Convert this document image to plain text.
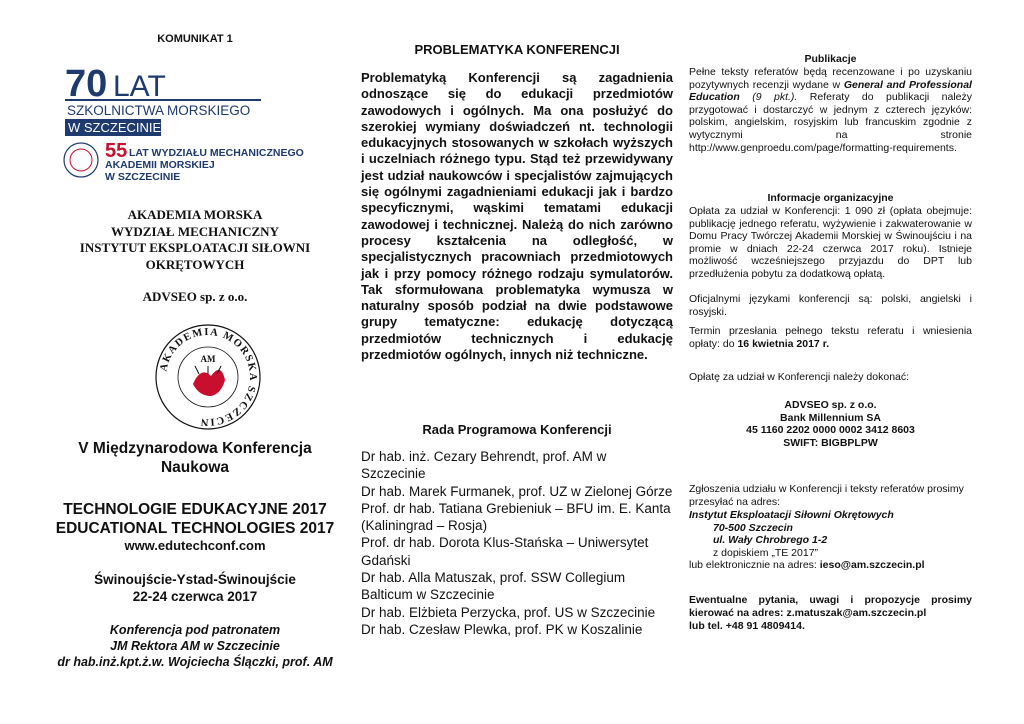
KOMUNIKAT 1
70 LAT
SZKOLNICTWA MORSKIEGO
W SZCZECINIE
55 LAT WYDZIAŁU MECHANICZNEGO
AKADEMII MORSKIEJ
W SZCZECINIE
AKADEMIA MORSKA
WYDZIAŁ MECHANICZNY
INSTYTUT EKSPLOATACJI SIŁOWNI
OKRĘTOWYCH
ADVSEO sp. z o.o.
AKADEMIA MORSKA SZCZECIN
AM
V Międzynarodowa Konferencja
Naukowa
TECHNOLOGIE EDUKACYJNE 2017
EDUCATIONAL TECHNOLOGIES 2017
www.edutechconf.com
Świnoujście-Ystad-Świnoujście
22-24 czerwca 2017
Konferencja pod patronatem
JM Rektora AM w Szczecinie
dr hab.inż.kpt.ż.w. Wojciecha Ślączki, prof. AM
PROBLEMATYKA KONFERENCJI
Problematyką Konferencji są zagadnienia odnoszące się do edukacji przedmiotów zawodowych i ogólnych. Ma ona posłużyć do szerokiej wymiany doświadczeń nt. technologii edukacyjnych stosowanych w szkołach wyższych i uczelniach różnego typu. Stąd też przewidywany jest udział naukowców i specjalistów zajmujących się ogólnymi zagadnieniami edukacji jak i bardzo specyficznymi, wąskimi tematami edukacji zawodowej i technicznej. Należą do nich zarówno procesy kształcenia na odległość, w specjalistycznych pracowniach przedmiotowych jak i przy pomocy różnego rodzaju symulatorów. Tak sformułowana problematyka wymusza w naturalny sposób podział na dwie podstawowe grupy tematyczne: edukację dotyczącą przedmiotów technicznych i edukację przedmiotów ogólnych, innych niż techniczne.
Rada Programowa Konferencji
Dr hab. inż. Cezary Behrendt, prof. AM w Szczecinie
Dr hab. Marek Furmanek, prof. UZ w Zielonej Górze
Prof. dr hab. Tatiana Grebieniuk – BFU im. E. Kanta (Kaliningrad – Rosja)
Prof. dr hab. Dorota Klus-Stańska – Uniwersytet Gdański
Dr hab. Alla Matuszak, prof. SSW Collegium Balticum w Szczecinie
Dr hab. Elżbieta Perzycka, prof. US w Szczecinie
Dr hab. Czesław Plewka, prof. PK w Koszalinie
Publikacje
Pełne teksty referatów będą recenzowane i po uzyskaniu pozytywnych recenzji wydane w General and Professional Education (9 pkt.). Referaty do publikacji należy przygotować i dostarczyć w jednym z czterech języków: polskim, angielskim, rosyjskim lub francuskim zgodnie z wytycznymi na stronie http://www.genproedu.com/page/formatting-requirements.
Informacje organizacyjne
Opłata za udział w Konferencji: 1 090 zł (opłata obejmuje: publikację jednego referatu, wyżywienie i zakwaterowanie w Domu Pracy Twórczej Akademii Morskiej w Świnoujściu i na promie w dniach 22-24 czerwca 2017 roku). Istnieje możliwość wcześniejszego przyjazdu do DPT lub przedłużenia pobytu za dodatkową opłatą.
Oficjalnymi językami konferencji są: polski, angielski i rosyjski.
Termin przesłania pełnego tekstu referatu i wniesienia opłaty: do 16 kwietnia 2017 r.
Opłatę za udział w Konferencji należy dokonać:
ADVSEO sp. z o.o.
Bank Millennium SA
45 1160 2202 0000 0002 3412 8603
SWIFT: BIGBPLPW
Zgłoszenia udziału w Konferencji i teksty referatów prosimy przesyłać na adres:
Instytut Eksploatacji Siłowni Okrętowych
70-500 Szczecin
ul. Wały Chrobrego 1-2
z dopiskiem „TE 2017”
lub elektronicznie na adres: ieso@am.szczecin.pl
Ewentualne pytania, uwagi i propozycje prosimy kierować na adres: z.matuszak@am.szczecin.pl
lub tel. +48 91 4809414.
